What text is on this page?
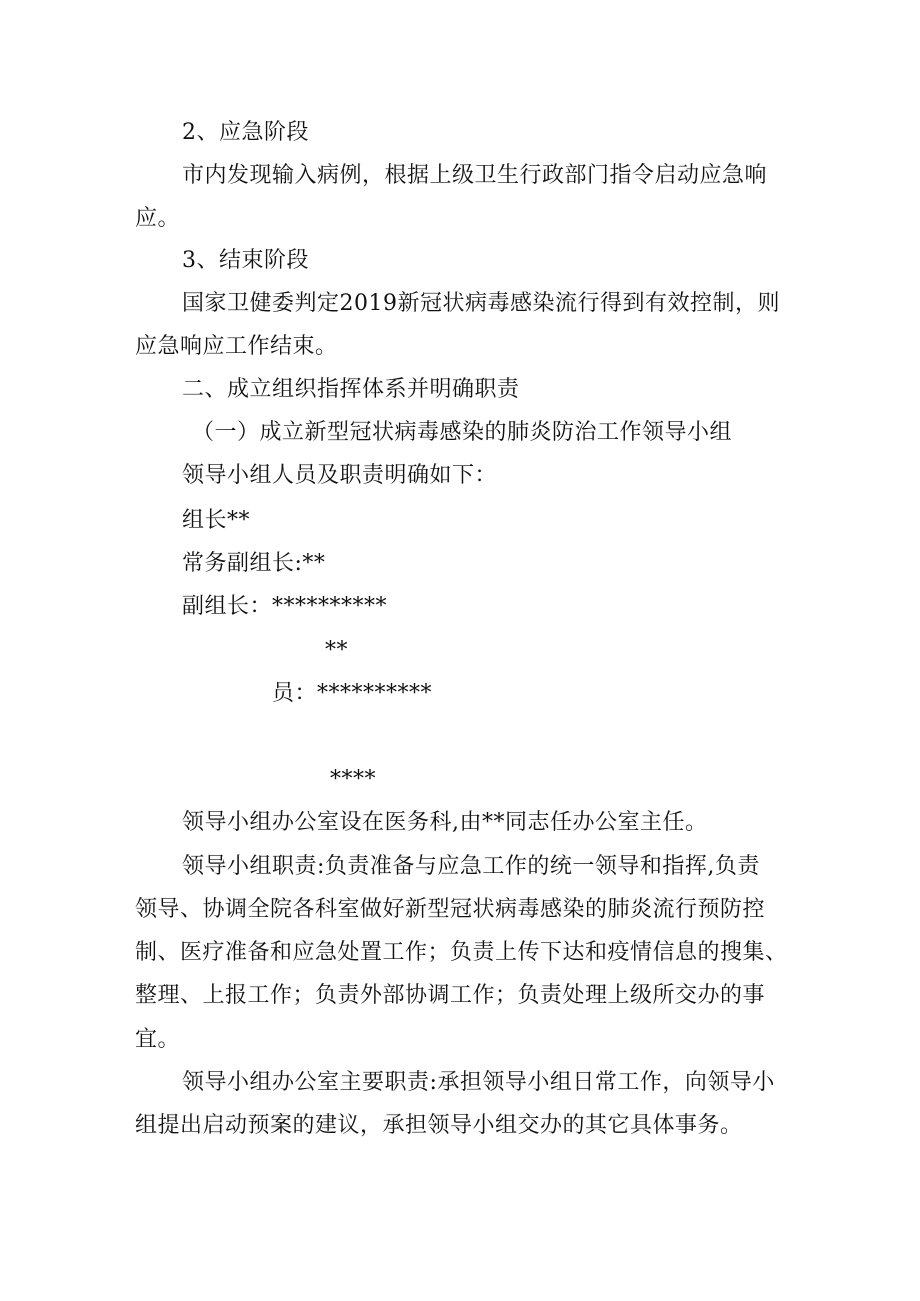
2、应急阶段
市内发现输入病例，根据上级卫生行政部门指令启动应急响
应。
3、结束阶段
国家卫健委判定2019新冠状病毒感染流行得到有效控制，则
应急响应工作结束。
二、成立组织指挥体系并明确职责
（一）成立新型冠状病毒感染的肺炎防治工作领导小组
领导小组人员及职责明确如下：
组长**
常务副组长:**
副组长：**********
**
员：**********
****
领导小组办公室设在医务科,由**同志任办公室主任。
领导小组职责:负责准备与应急工作的统一领导和指挥,负责
领导、协调全院各科室做好新型冠状病毒感染的肺炎流行预防控
制、医疗准备和应急处置工作；负责上传下达和疫情信息的搜集、
整理、上报工作；负责外部协调工作；负责处理上级所交办的事
宜。
领导小组办公室主要职责:承担领导小组日常工作，向领导小
组提出启动预案的建议，承担领导小组交办的其它具体事务。
